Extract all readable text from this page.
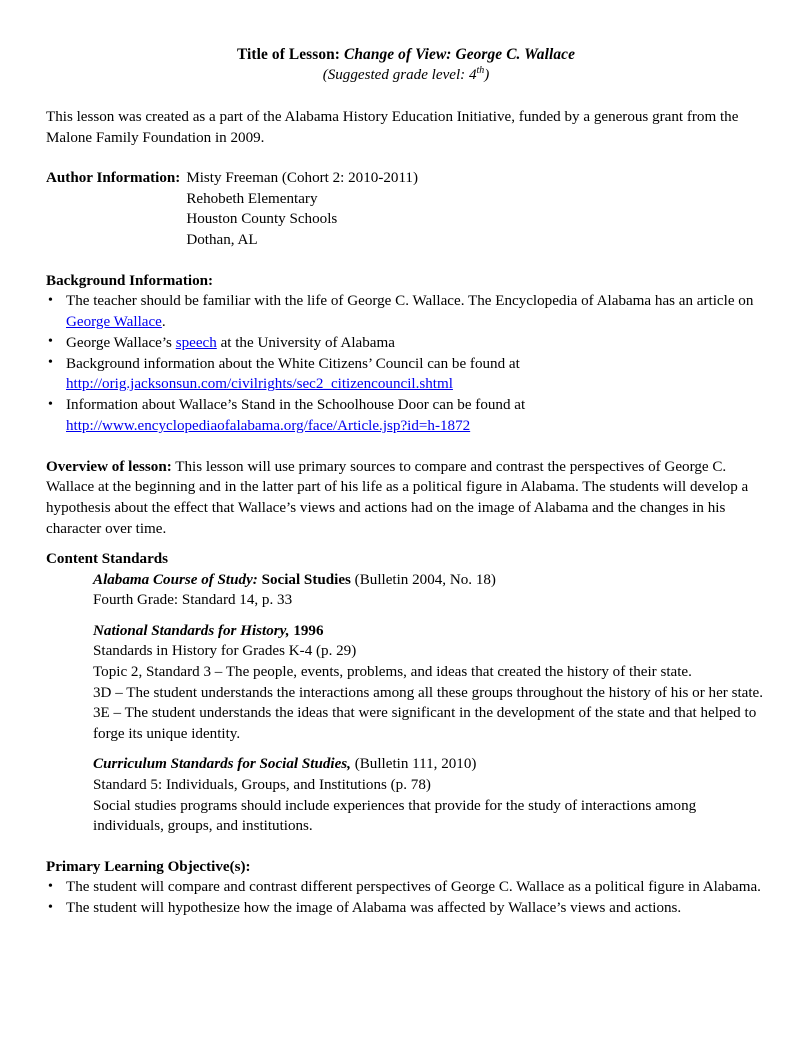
Title of Lesson: Change of View: George C. Wallace
(Suggested grade level: 4th)

This lesson was created as a part of the Alabama History Education Initiative, funded by a generous grant from the Malone Family Foundation in 2009.

Author Information: Misty Freeman (Cohort 2: 2010-2011)
Rehobeth Elementary
Houston County Schools
Dothan, AL

Background Information:

• The teacher should be familiar with the life of George C. Wallace. The Encyclopedia of Alabama has an article on George Wallace.
• George Wallace’s speech at the University of Alabama
• Background information about the White Citizens’ Council can be found at
http://orig.jacksonsun.com/civilrights/sec2_citizencouncil.shtml
• Information about Wallace’s Stand in the Schoolhouse Door can be found at
http://www.encyclopediaofalabama.org/face/Article.jsp?id=h-1872

Overview of lesson: This lesson will use primary sources to compare and contrast the perspectives of George C. Wallace at the beginning and in the latter part of his life as a political figure in Alabama. The students will develop a hypothesis about the effect that Wallace’s views and actions had on the image of Alabama and the changes in his character over time.

Content Standards

Alabama Course of Study: Social Studies (Bulletin 2004, No. 18)
Fourth Grade: Standard 14, p. 33
National Standards for History, 1996
Standards in History for Grades K-4 (p. 29)
Topic 2, Standard 3 – The people, events, problems, and ideas that created the history of their state.
3D – The student understands the interactions among all these groups throughout the history of his or her state.
3E – The student understands the ideas that were significant in the development of the state and that helped to forge its unique identity.
Curriculum Standards for Social Studies, (Bulletin 111, 2010)
Standard 5: Individuals, Groups, and Institutions (p. 78)
Social studies programs should include experiences that provide for the study of interactions among individuals, groups, and institutions.

Primary Learning Objective(s):

• The student will compare and contrast different perspectives of George C. Wallace as a political figure in Alabama.
• The student will hypothesize how the image of Alabama was affected by Wallace’s views and actions.
